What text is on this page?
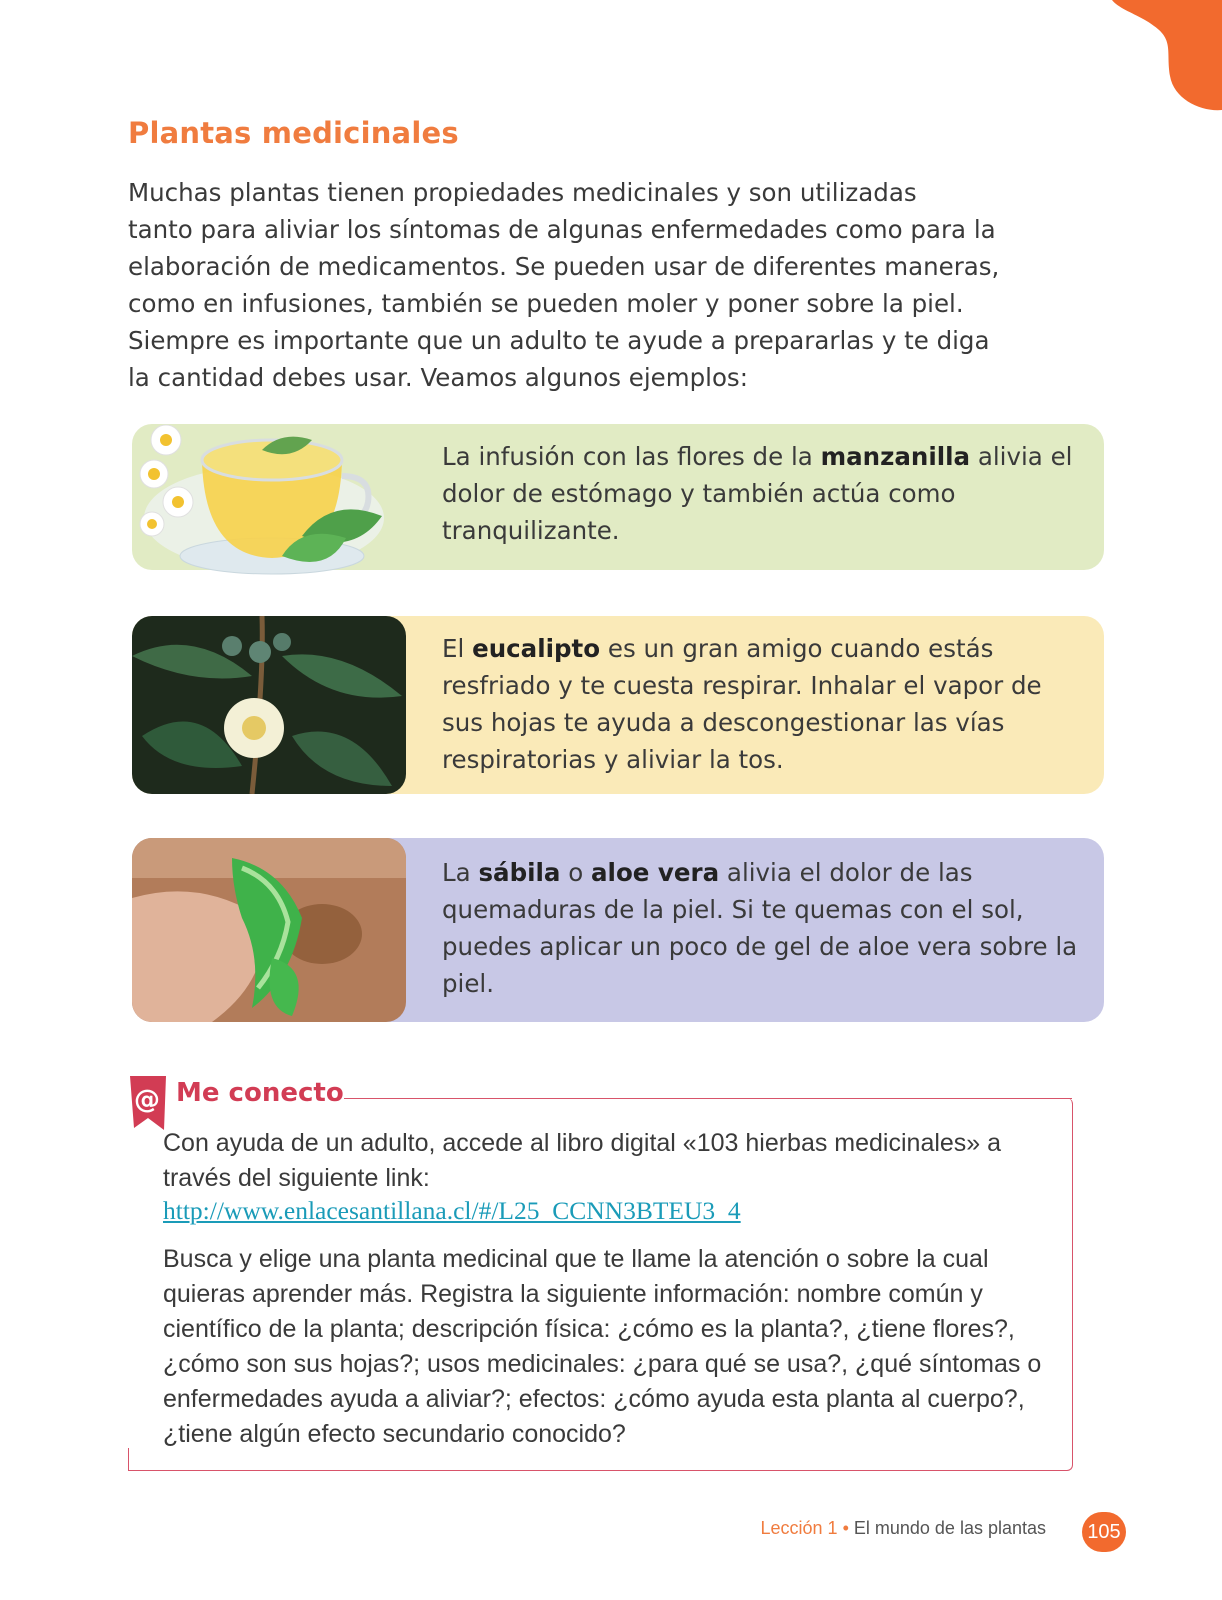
Plantas medicinales

Muchas plantas tienen propiedades medicinales y son utilizadas
tanto para aliviar los síntomas de algunas enfermedades como para la
elaboración de medicamentos. Se pueden usar de diferentes maneras,
como en infusiones, también se pueden moler y poner sobre la piel.
Siempre es importante que un adulto te ayude a prepararlas y te diga
la cantidad debes usar. Veamos algunos ejemplos:

La infusión con las flores de la manzanilla alivia el dolor de estómago y también actúa como tranquilizante.

El eucalipto es un gran amigo cuando estás resfriado y te cuesta respirar. Inhalar el vapor de sus hojas te ayuda a descongestionar las vías respiratorias y aliviar la tos.

La sábila o aloe vera alivia el dolor de las quemaduras de la piel. Si te quemas con el sol, puedes aplicar un poco de gel de aloe vera sobre la piel.

@ Me conecto

Con ayuda de un adulto, accede al libro digital «103 hierbas medicinales» a través del siguiente link:

http://www.enlacesantillana.cl/#/L25_CCNN3BTEU3_4

Busca y elige una planta medicinal que te llame la atención o sobre la cual quieras aprender más. Registra la siguiente información: nombre común y científico de la planta; descripción física: ¿cómo es la planta?, ¿tiene flores?, ¿cómo son sus hojas?; usos medicinales: ¿para qué se usa?, ¿qué síntomas o enfermedades ayuda a aliviar?; efectos: ¿cómo ayuda esta planta al cuerpo?, ¿tiene algún efecto secundario conocido?

Lección 1 • El mundo de las plantas 105
